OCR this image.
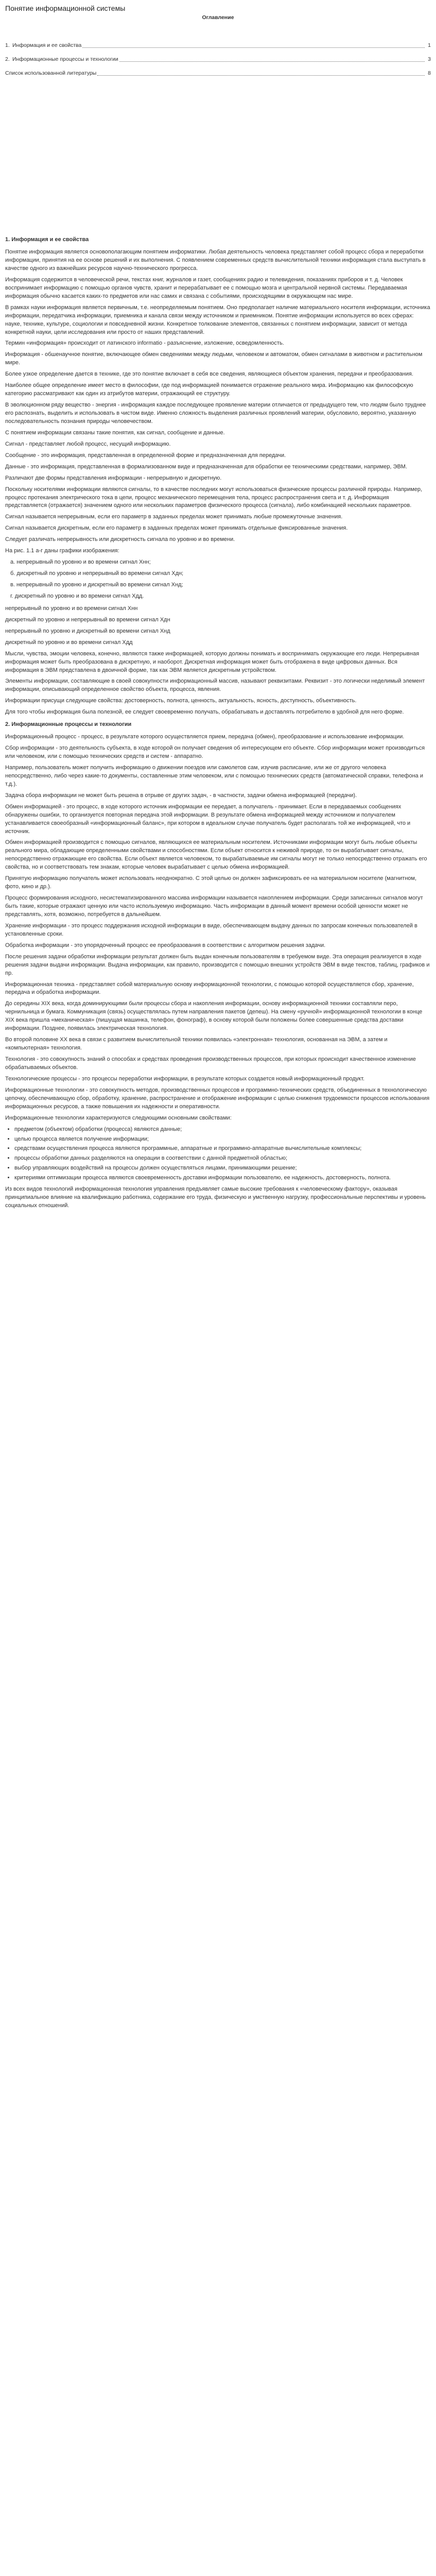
Понятие информационной системы
Оглавление
1. Информация и ее свойства	1
2. Информационные процессы и технологии	3
Список использованной литературы	8
1. Информация и ее свойства

Понятие информация является основополагающим понятием информатики. Любая деятельность человека представляет собой процесс сбора и переработки информации, принятия на ее основе решений и их выполнения. С появлением современных средств вычислительной техники информация стала выступать в качестве одного из важнейших ресурсов научно-технического прогресса.

Информация содержится в человеческой речи, текстах книг, журналов и газет, сообщениях радио и телевидения, показаниях приборов и т. д. Человек воспринимает информацию с помощью органов чувств, хранит и перерабатывает ее с помощью мозга и центральной нервной системы. Передаваемая информация обычно касается каких-то предметов или нас самих и связана с событиями, происходящими в окружающем нас мире.

В рамках науки информация является первичным, т.е. неопределяемым понятием. Оно предполагает наличие материального носителя информации, источника информации, передатчика информации, приемника и канала связи между источником и приемником. Понятие информации используется во всех сферах: науке, технике, культуре, социологии и повседневной жизни. Конкретное толкование элементов, связанных с понятием информации, зависит от метода конкретной науки, цели исследования или просто от наших представлений.

Термин «информация» происходит от латинского informatio - разъяснение, изложение, осведомленность.

Информация - обшенаучное понятие, включающее обмен сведениями между людьми, человеком и автоматом, обмен сигналами в животном и растительном мире.

Более узкое определение дается в технике, где это понятие включает в себя все сведения, являющиеся объектом хранения, передачи и преобразования.

Наиболее общее определение имеет место в философии, где под информацией понимается отражение реального мира. Информацию как философскую категорию рассматривают как один из атрибутов материи, отражающий ее структуру.

В эволюционном ряду вещество - энергия - информация каждое последующее проявление материи отличается от предыдущего тем, что людям было труднее его распознать, выделить и использовать в чистом виде. Именно сложность выделения различных проявлений материи, обусловило, вероятно, указанную последовательность познания природы человечеством.

С понятием информации связаны такие понятия, как сигнал, сообщение и данные.

Сигнал - представляет любой процесс, несущий информацию.

Сообщение - это информация, представленная в определенной форме и предназначенная для передачи.

Данные - это информация, представленная в формализованном виде и предназначенная для обработки ее техническими средствами, например, ЭВМ.

Различают две формы представления информации - непрерывную и дискретную.

Поскольку носителями информации являются сигналы, то в качестве последних могут использоваться физические процессы различной природы. Например, процесс протекания электрического тока в цепи, процесс механического перемещения тела, процесс распространения света и т. д. Информация представляется (отражается) значением одного или нескольких параметров физического процесса (сигнала), либо комбинацией нескольких параметров.

Сигнал называется непрерывным, если его параметр в заданных пределах может принимать любые промежуточные значения.

Сигнал называется дискретным, если его параметр в заданных пределах может принимать отдельные фиксированные значения.

Следует различать непрерывность или дискретность сигнала по уровню и во времени.

На рис. 1.1 а-г даны графики изображения:

а. непрерывный по уровню и во времени сигнал Xнн;

б. дискретный по уровню и непрерывный во времени сигнал Xдн;

в. непрерывный по уровню и дискретный во времени сигнал Xнд;

г. дискретный по уровню и во времени сигнал Xдд.

непрерывный по уровню и во времени сигнал Xнн

дискретный по уровню и непрерывный во времени сигнал Xдн

непрерывный по уровню и дискретный во времени сигнал Xнд

дискретный по уровню и во времени сигнал Xдд

Мысли, чувства, эмоции человека, конечно, являются также информацией, которую должны понимать и воспринимать окружающие его люди. Непрерывная информация может быть преобразована в дискретную, и наоборот. Дискретная информация может быть отображена в виде цифровых данных. Вся информация в ЭВМ представлена в двоичной форме, так как ЭВМ является дискретным устройством.

Элементы информации, составляющие в своей совокупности информационный массив, называют реквизитами. Реквизит - это логически неделимый элемент информации, описывающий определенное свойство объекта, процесса, явления.

Информации присущи следующие свойства: достоверность, полнота, ценность, актуальность, ясность, доступность, объективность.

Для того чтобы информация была полезной, ее следует своевременно получать, обрабатывать и доставлять потребителю в удобной для него форме.

2. Информационные процессы и технологии

Информационный процесс - процесс, в результате которого осуществляется прием, передача (обмен), преобразование и использование информации.

Сбор информации - это деятельность субъекта, в ходе которой он получает сведения об интересующем его объекте. Сбор информации может производиться или человеком, или с помощью технических средств и систем - аппаратно.

Например, пользователь может получить информацию о движении поездов или самолетов сам, изучив расписание, или же от другого человека непосредственно, либо через какие-то документы, составленные этим человеком, или с помощью технических средств (автоматической справки, телефона и т.д.).

Задача сбора информации не может быть решена в отрыве от других задач, - в частности, задачи обмена информацией (передачи).

Обмен информацией - это процесс, в ходе которого источник информации ее передает, а получатель - принимает. Если в передаваемых сообщениях обнаружены ошибки, то организуется повторная передача этой информации. В результате обмена информацией между источником и получателем устанавливается своеобразный «информационный баланс», при котором в идеальном случае получатель будет располагать той же информацией, что и источник.

Обмен информацией производится с помощью сигналов, являющихся ее материальным носителем. Источниками информации могут быть любые объекты реального мира, обладающие определенными свойствами и способностями. Если объект относится к неживой природе, то он вырабатывает сигналы, непосредственно отражающие его свойства. Если объект является человеком, то вырабатываемые им сигналы могут не только непосредственно отражать его свойства, но и соответствовать тем знакам, которые человек вырабатывает с целью обмена информацией.

Принятую информацию получатель может использовать неоднократно. С этой целью он должен зафиксировать ее на материальном носителе (магнитном, фото, кино и др.).

Процесс формирования исходного, несистематизированного массива информации называется накоплением информации. Среди записанных сигналов могут быть такие, которые отражают ценную или часто используемую информацию. Часть информации в данный момент времени особой ценности может не представлять, хотя, возможно, потребуется в дальнейшем.

Хранение информации - это процесс поддержания исходной информации в виде, обеспечивающем выдачу данных по запросам конечных пользователей в установленные сроки.

Обработка информации - это упорядоченный процесс ее преобразования в соответствии с алгоритмом решения задачи.

После решения задачи обработки информации результат должен быть выдан конечным пользователям в требуемом виде. Эта операция реализуется в ходе решения задачи выдачи информации. Выдача информации, как правило, производится с помощью внешних устройств ЭВМ в виде текстов, таблиц, графиков и пр.

Информационная техника - представляет собой материальную основу информационной технологии, с помощью которой осуществляется сбор, хранение, передача и обработка информации.

До середины XIX века, когда доминирующими были процессы сбора и накопления информации, основу информационной техники составляли перо, чернильница и бумага. Коммуникация (связь) осуществлялась путем направления пакетов (депеш). На смену «ручной» информационной технологии в конце XIX века пришла «механическая» (пишущая машинка, телефон, фонограф), в основу которой были положены более совершенные средства доставки информации. Позднее, появилась электрическая технология.

Во второй половине XX века в связи с развитием вычислительной техники появилась «электронная» технология, основанная на ЭВМ, а затем и «компьютерная» технология.

Технология - это совокупность знаний о способах и средствах проведения производственных процессов, при которых происходит качественное изменение обрабатываемых объектов.

Технологические процессы - это процессы переработки информации, в результате которых создается новый информационный продукт.

Информационные технологии - это совокупность методов, производственных процессов и программно-технических средств, объединенных в технологическую цепочку, обеспечивающую сбор, обработку, хранение, распространение и отображение информации с целью снижения трудоемкости процессов использования информационных ресурсов, а также повышения их надежности и оперативности.

Информационные технологии характеризуются следующими основными свойствами:

• предметом (объектом) обработки (процесса) являются данные;
• целью процесса является получение информации;
• средствами осуществления процесса являются программные, аппаратные и программно-аппаратные вычислительные комплексы;
• процессы обработки данных разделяются на операции в соответствии с данной предметной областью;
• выбор управляющих воздействий на процессы должен осуществляться лицами, принимающими решение;
• критериями оптимизации процесса являются своевременность доставки информации пользователю, ее надежность, достоверность, полнота.

Из всех видов технологий информационная технология управления предъявляет самые высокие требования к «человеческому фактору», оказывая принципиальное влияние на квалификацию работника, содержание его труда, физическую и умственную нагрузку, профессиональные перспективы и уровень социальных отношений.
